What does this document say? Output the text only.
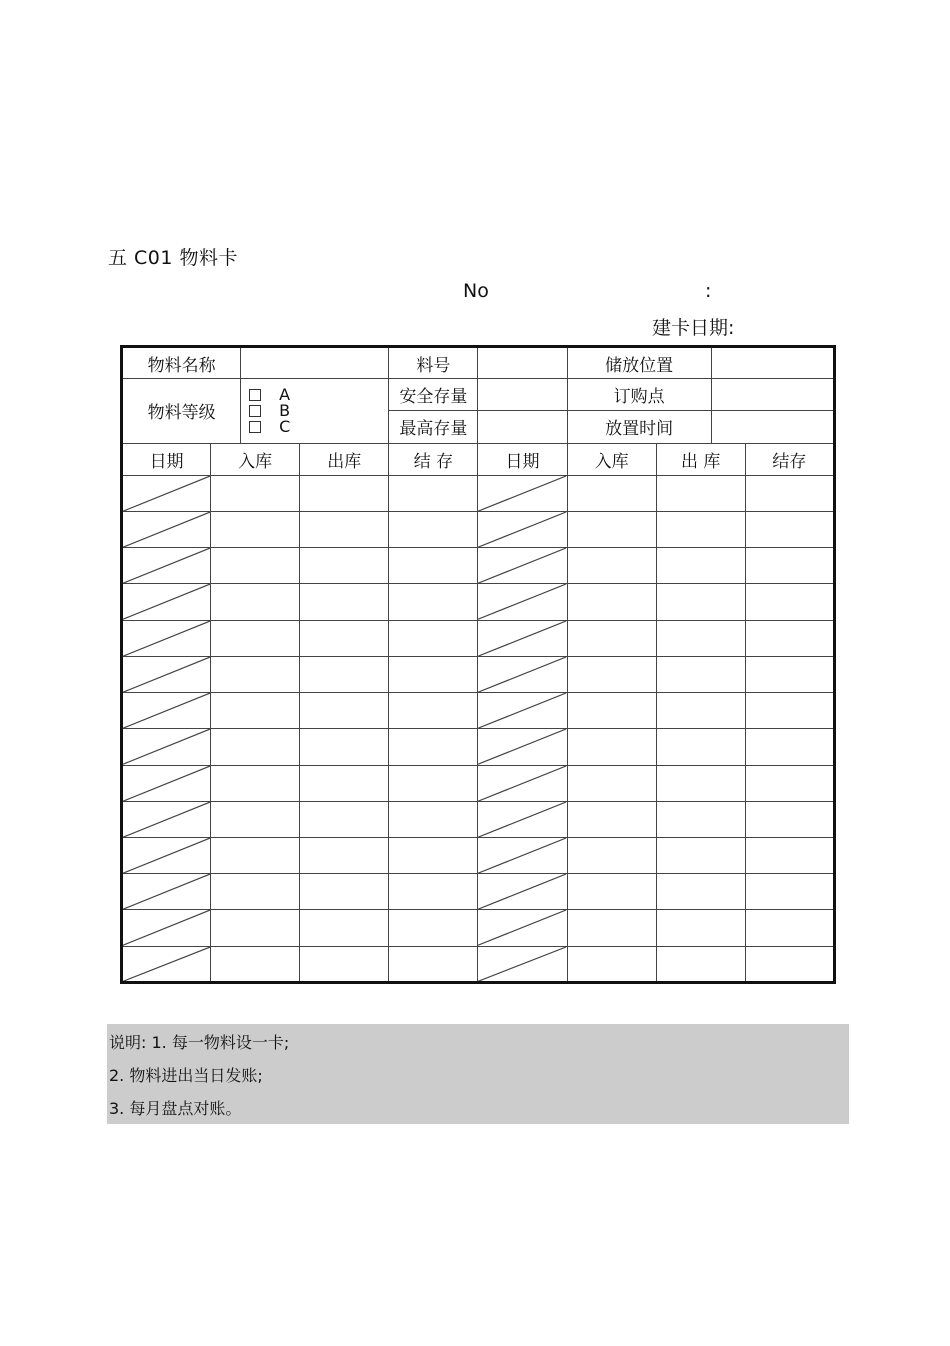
五 C01 物料卡
No	:
建卡日期:
物料名称				料号		储放位置			
物料等级		A
B
C		安全存量		订购点			
				最高存量		放置时间			
日期	入库		出库	结 存	日期	入库	出 库		结存

说明: 1. 每一物料设一卡;
2. 物料进出当日发账;
3. 每月盘点对账。
